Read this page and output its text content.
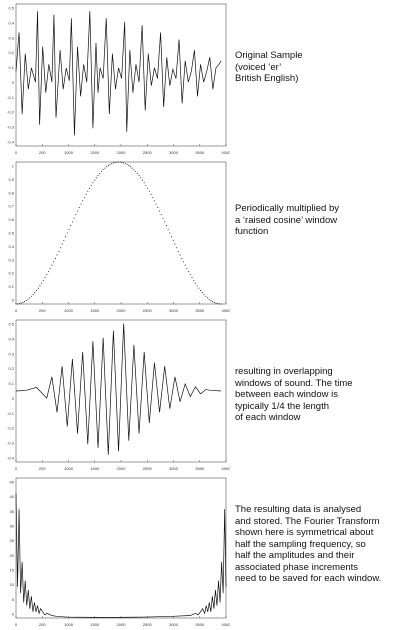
0	200	1000	1500	2000	2500	3000	3500	4000
0.5
0.4
0.3
0.2
0.1
0
-0.1
-0.2
-0.3
-0.4
Original Sample
(voiced ‘er’
British English)
0	200	1000	1500	2000	2500	3000	3500	4000
1
0.9
0.8
0.7
0.6
0.5
0.4
0.3
0.2
0.1
0
Periodically multiplied by
a ‘raised cosine’ window
function
0	200	1000	1500	2000	2500	3000	3500	4000
0.5
0.4
0.3
0.2
0.1
0
-0.1
-0.2
-0.3
-0.4
resulting in overlapping
windows of sound. The time
between each window is
typically 1/4 the length
of each window
0	200	1000	1500	2000	2500	3000	3500	4000
45
40
35
30
25
20
15
10
5
0
The resulting data is analysed
and stored. The Fourier Transform
shown here is symmetrical about
half the sampling frequency, so
half the amplitudes and their
associated phase increments
need to be saved for each window.
